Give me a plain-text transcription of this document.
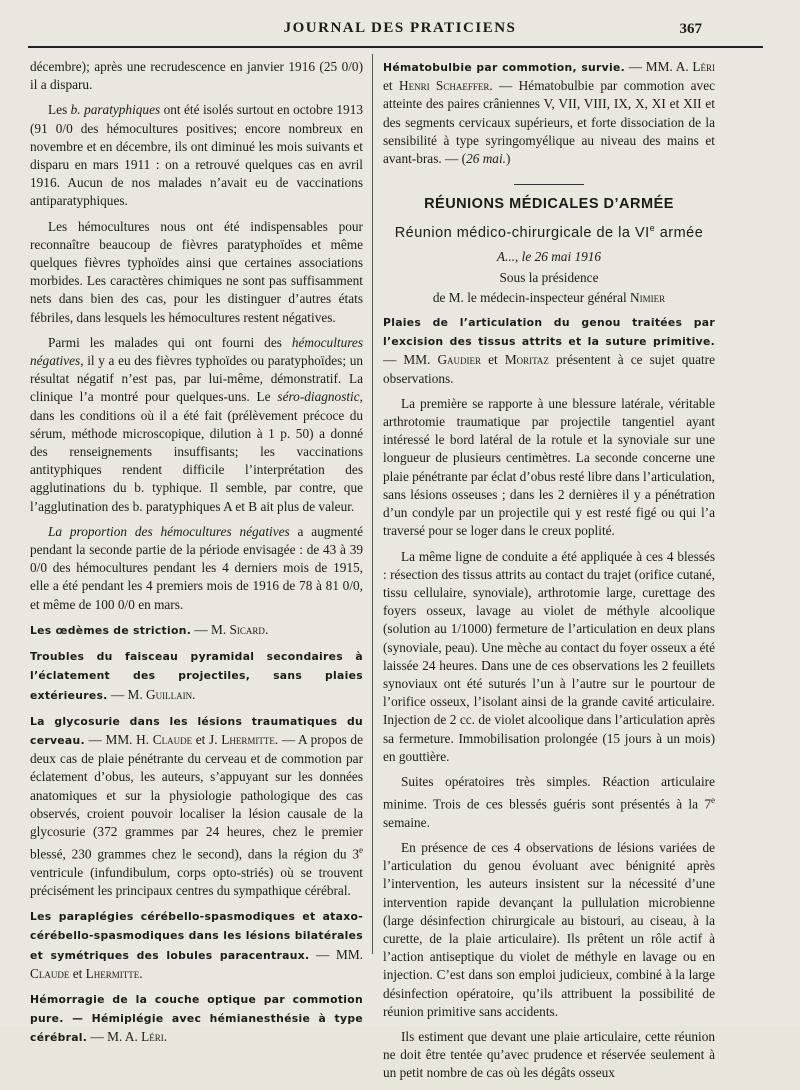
JOURNAL DES PRATICIENS	367

décembre); après une recrudescence en janvier 1916 (25 0/0) il a disparu.

Les b. paratyphiques ont été isolés surtout en octobre 1913 (91 0/0 des hémocultures positives; encore nombreux en novembre et en décembre, ils ont diminué les mois suivants et disparu en mars 1911 : on a retrouvé quelques cas en avril 1916. Aucun de nos malades n’avait eu de vaccinations antiparatyphiques.

Les hémocultures nous ont été indispensables pour reconnaître beaucoup de fièvres paratyphoïdes et même quelques fièvres typhoïdes ainsi que certaines associations morbides. Les caractères chimiques ne sont pas suffisamment nets dans bien des cas, pour les distinguer d’autres états fébriles, dans lesquels les hémocultures restent négatives.

Parmi les malades qui ont fourni des hémocultures négatives, il y a eu des fièvres typhoïdes ou paratyphoïdes; un résultat négatif n’est pas, par lui-même, démonstratif. La clinique l’a montré pour quelques-uns. Le séro-diagnostic, dans les conditions où il a été fait (prélèvement précoce du sérum, méthode microscopique, dilution à 1 p. 50) a donné des renseignements insuffisants; les vaccinations antityphiques rendent difficile l’interprétation des agglutinations du b. typhique. Il semble, par contre, que l’agglutination des b. paratyphiques A et B ait plus de valeur.

La proportion des hémocultures négatives a augmenté pendant la seconde partie de la période envisagée : de 43 à 39 0/0 des hémocultures pendant les 4 derniers mois de 1915, elle a été pendant les 4 premiers mois de 1916 de 78 à 81 0/0, et même de 100 0/0 en mars.

Les œdèmes de striction. — M. Sicard.

Troubles du faisceau pyramidal secondaires à l’éclatement des projectiles, sans plaies extérieures. — M. Guillain.

La glycosurie dans les lésions traumatiques du cerveau. — MM. H. Claude et J. Lhermitte. — A propos de deux cas de plaie pénétrante du cerveau et de commotion par éclatement d’obus, les auteurs, s’appuyant sur les données anatomiques et sur la physiologie pathologique des cas observés, croient pouvoir localiser la lésion causale de la glycosurie (372 grammes par 24 heures, chez le premier blessé, 230 grammes chez le second), dans la région du 3e ventricule (infundibulum, corps opto-striés) où se trouvent précisément les principaux centres du sympathique cérébral.

Les paraplégies cérébello-spasmodiques et ataxo-cérébello-spasmodiques dans les lésions bilatérales et symétriques des lobules paracentraux. — MM. Claude et Lhermitte.

Hémorragie de la couche optique par commotion pure. — Hémiplégie avec hémianesthésie à type cérébral. — M. A. Léri.

Hématobulbie par commotion, survie. — MM. A. Léri et Henri Schaeffer. — Hématobulbie par commotion avec atteinte des paires crâniennes V, VII, VIII, IX, X, XI et XII et des segments cervicaux supérieurs, et forte dissociation de la sensibilité à type syringomyélique au niveau des mains et avant-bras. — (26 mai.)

RÉUNIONS MÉDICALES D’ARMÉE
Réunion médico-chirurgicale de la VIe armée

A..., le 26 mai 1916

Sous la présidence

de M. le médecin-inspecteur général Nimier

Plaies de l’articulation du genou traitées par l’excision des tissus attrits et la suture primitive. — MM. Gaudier et Moritaz présentent à ce sujet quatre observations.

La première se rapporte à une blessure latérale, véritable arthrotomie traumatique par projectile tangentiel ayant intéressé le bord latéral de la rotule et la synoviale sur une longueur de plusieurs centimètres. La seconde concerne une plaie pénétrante par éclat d’obus resté libre dans l’articulation, sans lésions osseuses ; dans les 2 dernières il y a pénétration d’un condyle par un projectile qui y est resté figé ou qui l’a traversé pour se loger dans le creux poplité.

La même ligne de conduite a été appliquée à ces 4 blessés : résection des tissus attrits au contact du trajet (orifice cutané, tissu cellulaire, synoviale), arthrotomie large, curettage des foyers osseux, lavage au violet de méthyle alcoolique (solution au 1/1000) fermeture de l’articulation en deux plans (synoviale, peau). Une mèche au contact du foyer osseux a été laissée 24 heures. Dans une de ces observations les 2 feuillets synoviaux ont été suturés l’un à l’autre sur le pourtour de l’orifice osseux, l’isolant ainsi de la grande cavité articulaire. Injection de 2 cc. de violet alcoolique dans l’articulation après sa fermeture. Immobilisation prolongée (15 jours à un mois) en gouttière.

Suites opératoires très simples. Réaction articulaire minime. Trois de ces blessés guéris sont présentés à la 7e semaine.

En présence de ces 4 observations de lésions variées de l’articulation du genou évoluant avec bénignité après l’intervention, les auteurs insistent sur la nécessité d’une intervention rapide devançant la pullulation microbienne (large désinfection chirurgicale au bistouri, au ciseau, à la curette, de la plaie articulaire). Ils prêtent un rôle actif à l’action antiseptique du violet de méthyle en lavage ou en injection. C’est dans son emploi judicieux, combiné à la large désinfection opératoire, qu’ils attribuent la possibilité de réunion primitive sans accidents.

Ils estiment que devant une plaie articulaire, cette réunion ne doit être tentée qu’avec prudence et réservée seulement à un petit nombre de cas où les dégâts osseux
